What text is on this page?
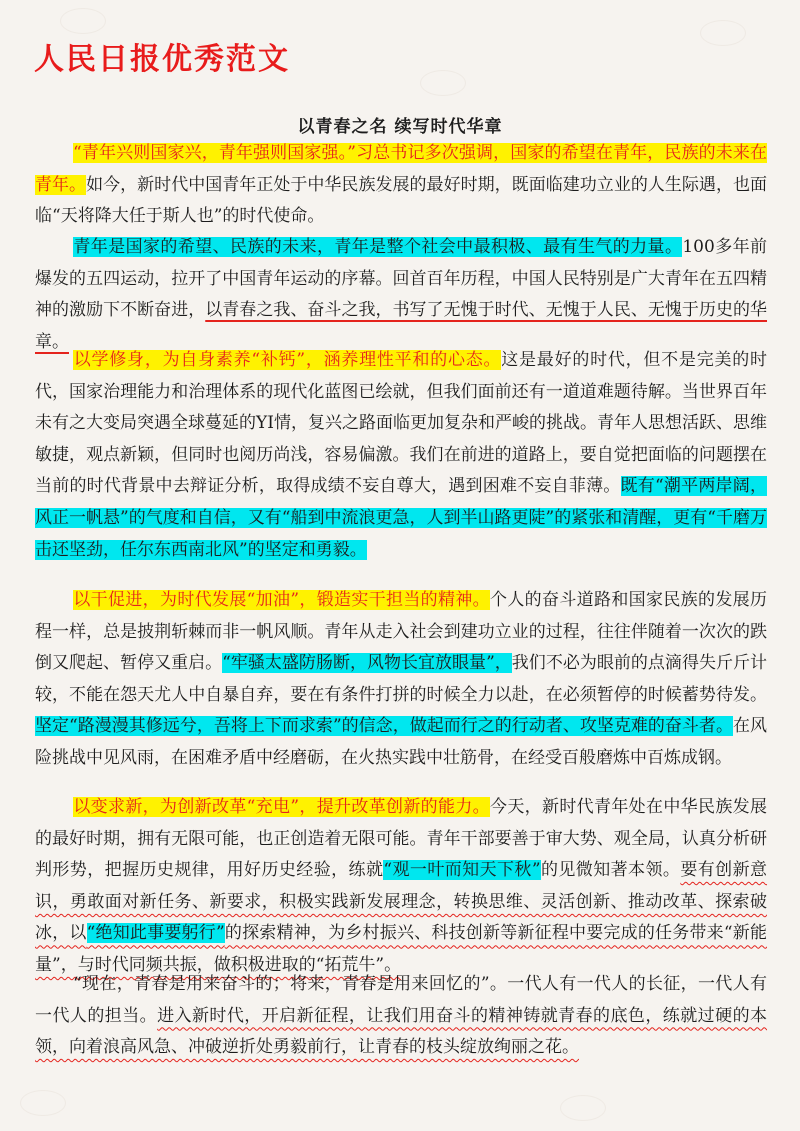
人民日报优秀范文
以青春之名 续写时代华章

“青年兴则国家兴，青年强则国家强。”习总书记多次强调，国家的希望在青年，民族的未来在青年。如今，新时代中国青年正处于中华民族发展的最好时期，既面临建功立业的人生际遇，也面临“天将降大任于斯人也”的时代使命。

青年是国家的希望、民族的未来，青年是整个社会中最积极、最有生气的力量。100多年前爆发的五四运动，拉开了中国青年运动的序幕。回首百年历程，中国人民特别是广大青年在五四精神的激励下不断奋进，以青春之我、奋斗之我，书写了无愧于时代、无愧于人民、无愧于历史的华章。

以学修身，为自身素养“补钙”，涵养理性平和的心态。这是最好的时代，但不是完美的时代，国家治理能力和治理体系的现代化蓝图已绘就，但我们面前还有一道道难题待解。当世界百年未有之大变局突遇全球蔓延的YI情，复兴之路面临更加复杂和严峻的挑战。青年人思想活跃、思维敏捷，观点新颖，但同时也阅历尚浅，容易偏激。我们在前进的道路上，要自觉把面临的问题摆在当前的时代背景中去辩证分析，取得成绩不妄自尊大，遇到困难不妄自菲薄。既有“潮平两岸阔，风正一帆悬”的气度和自信，又有“船到中流浪更急，人到半山路更陡”的紧张和清醒，更有“千磨万击还坚劲，任尔东西南北风”的坚定和勇毅。

以干促进，为时代发展“加油”，锻造实干担当的精神。个人的奋斗道路和国家民族的发展历程一样，总是披荆斩棘而非一帆风顺。青年从走入社会到建功立业的过程，往往伴随着一次次的跌倒又爬起、暂停又重启。“牢骚太盛防肠断，风物长宜放眼量”，我们不必为眼前的点滴得失斤斤计较，不能在怨天尤人中自暴自弃，要在有条件打拼的时候全力以赴，在必须暂停的时候蓄势待发。坚定“路漫漫其修远兮，吾将上下而求索”的信念，做起而行之的行动者、攻坚克难的奋斗者。在风险挑战中见风雨，在困难矛盾中经磨砺，在火热实践中壮筋骨，在经受百般磨炼中百炼成钢。

以变求新，为创新改革“充电”，提升改革创新的能力。今天，新时代青年处在中华民族发展的最好时期，拥有无限可能，也正创造着无限可能。青年干部要善于审大势、观全局，认真分析研判形势，把握历史规律，用好历史经验，练就“观一叶而知天下秋”的见微知著本领。要有创新意识，勇敢面对新任务、新要求，积极实践新发展理念，转换思维、灵活创新、推动改革、探索破冰，以“绝知此事要躬行”的探索精神，为乡村振兴、科技创新等新征程中要完成的任务带来“新能量”，与时代同频共振，做积极进取的“拓荒牛”。

“现在，青春是用来奋斗的；将来，青春是用来回忆的”。一代人有一代人的长征，一代人有一代人的担当。进入新时代，开启新征程，让我们用奋斗的精神铸就青春的底色，练就过硬的本领，向着浪高风急、冲破逆折处勇毅前行，让青春的枝头绽放绚丽之花。
